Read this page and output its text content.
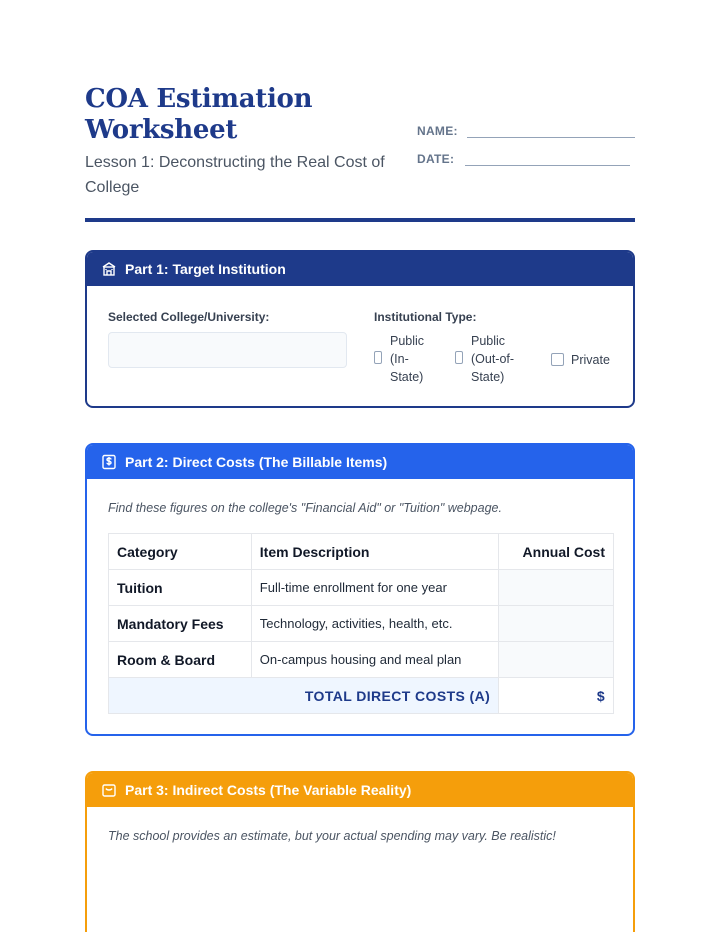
COA Estimation Worksheet
Lesson 1: Deconstructing the Real Cost of College
NAME:
DATE:
Part 1: Target Institution
Selected College/University:	Institutional Type:
Public
(In-
State)
Public
(Out-of-
State)
Private
Part 2: Direct Costs (The Billable Items)
Find these figures on the college's "Financial Aid" or "Tuition" webpage.
Category	Item Description	Annual Cost
Tuition	Full-time enrollment for one year	
Mandatory Fees	Technology, activities, health, etc.	
Room & Board	On-campus housing and meal plan	
TOTAL DIRECT COSTS (A)		$
Part 3: Indirect Costs (The Variable Reality)
The school provides an estimate, but your actual spending may vary. Be realistic!
